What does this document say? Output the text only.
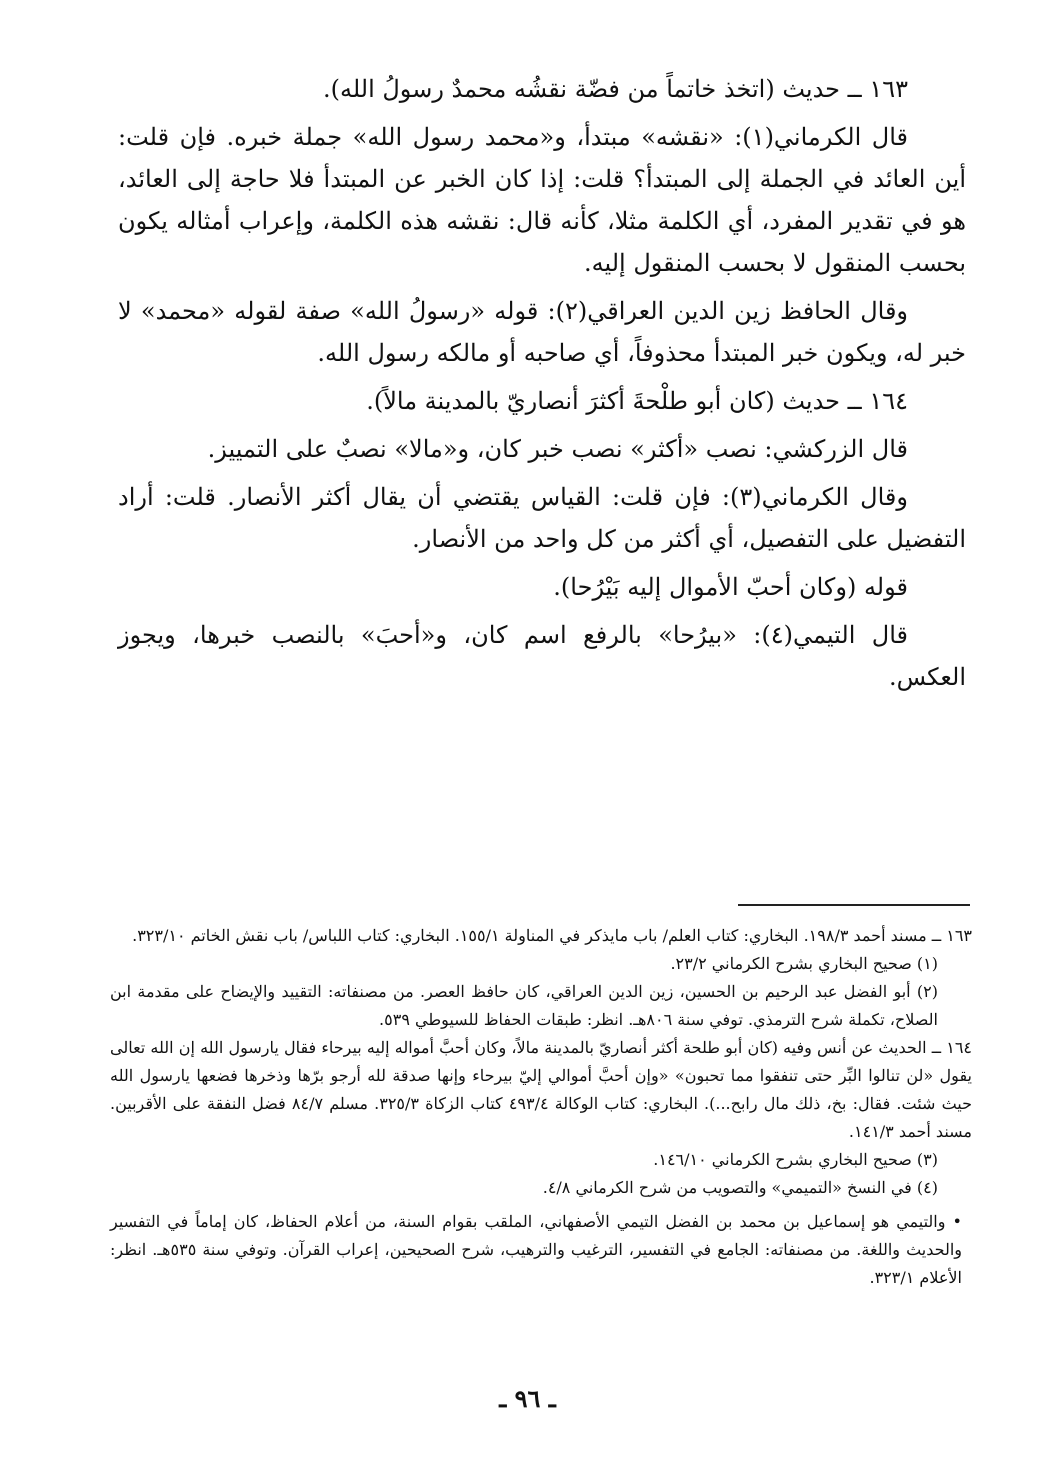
١٦٣ ــ حديث (اتخذ خاتماً من فضّة نقشُه محمدٌ رسولُ الله).

قال الكرماني(١): «نقشه» مبتدأ، و«محمد رسول الله» جملة خبره. فإن قلت: أين العائد في الجملة إلى المبتدأ؟ قلت: إذا كان الخبر عن المبتدأ فلا حاجة إلى العائد، هو في تقدير المفرد، أي الكلمة مثلا، كأنه قال: نقشه هذه الكلمة، وإعراب أمثاله يكون بحسب المنقول لا بحسب المنقول إليه.

وقال الحافظ زين الدين العراقي(٢): قوله «رسولُ الله» صفة لقوله «محمد» لا خبر له، ويكون خبر المبتدأ محذوفاً، أي صاحبه أو مالكه رسول الله.

١٦٤ ــ حديث (كان أبو طلْحةَ أكثرَ أنصاريّ بالمدينة مالاً).

قال الزركشي: نصب «أكثر» نصب خبر كان، و«مالا» نصبٌ على التمييز.

وقال الكرماني(٣): فإن قلت: القياس يقتضي أن يقال أكثر الأنصار. قلت: أراد التفضيل على التفصيل، أي أكثر من كل واحد من الأنصار.

قوله (وكان أحبّ الأموال إليه بَيْرُحا).

قال التيمي(٤): «بيرُحا» بالرفع اسم كان، و«أحبَ» بالنصب خبرها، ويجوز العكس.

١٦٣ ــ مسند أحمد ١٩٨/٣. البخاري: كتاب العلم/ باب مايذكر في المناولة ١٥٥/١. البخاري: كتاب اللباس/ باب نقش الخاتم ٣٢٣/١٠.

(١) صحيح البخاري بشرح الكرماني ٢٣/٢.

(٢) أبو الفضل عبد الرحيم بن الحسين، زين الدين العراقي، كان حافظ العصر. من مصنفاته: التقييد والإيضاح على مقدمة ابن الصلاح، تكملة شرح الترمذي. توفي سنة ٨٠٦هـ. انظر: طبقات الحفاظ للسيوطي ٥٣٩.

١٦٤ ــ الحديث عن أنس وفيه (كان أبو طلحة أكثر أنصاريّ بالمدينة مالاً، وكان أحبَّ أمواله إليه بيرحاء فقال يارسول الله إن الله تعالى يقول «لن تنالوا البِّر حتى تنفقوا مما تحبون» «وإن أحبَّ أموالي إليّ بيرحاء وإنها صدقة لله أرجو برّها وذخرها فضعها يارسول الله حيث شئت. فقال: بخ، ذلك مال رابح...). البخاري: كتاب الوكالة ٤٩٣/٤ كتاب الزكاة ٣٢٥/٣. مسلم ٨٤/٧ فضل النفقة على الأقربين. مسند أحمد ١٤١/٣.

(٣) صحيح البخاري بشرح الكرماني ١٤٦/١٠.

(٤) في النسخ «التميمي» والتصويب من شرح الكرماني ٤/٨.

• والتيمي هو إسماعيل بن محمد بن الفضل التيمي الأصفهاني، الملقب بقوام السنة، من أعلام الحفاظ، كان إماماً في التفسير والحديث واللغة. من مصنفاته: الجامع في التفسير، الترغيب والترهيب، شرح الصحيحين، إعراب القرآن. وتوفي سنة ٥٣٥هـ. انظر: الأعلام ٣٢٣/١.

ـ ٩٦ ـ
